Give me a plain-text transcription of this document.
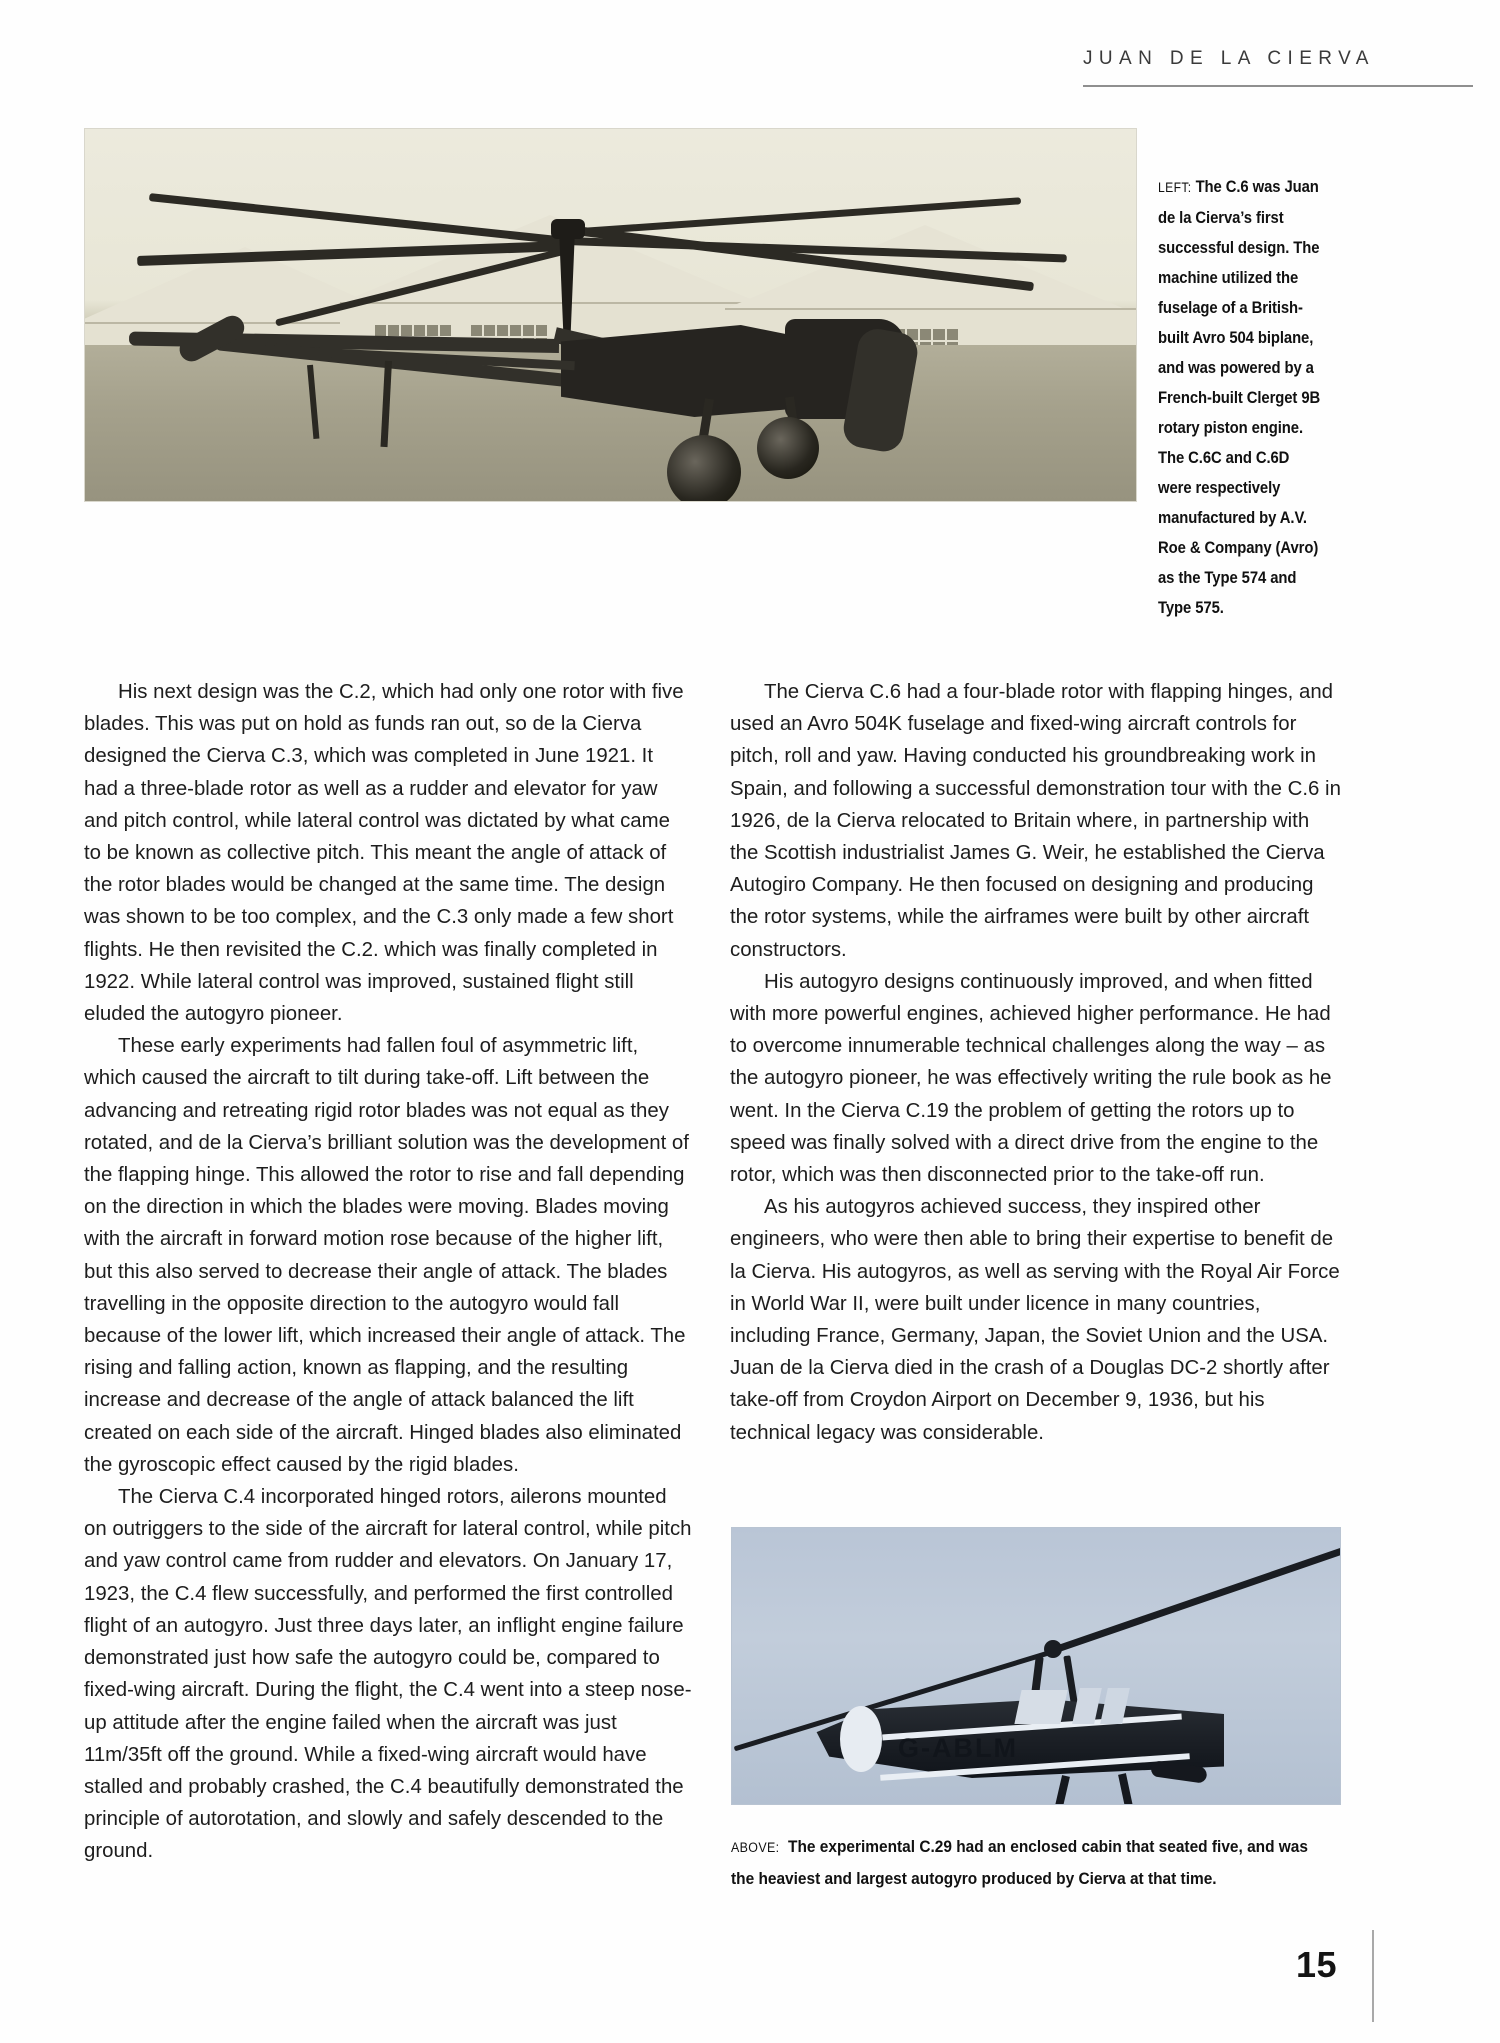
JUAN DE LA CIERVA
LEFT: The C.6 was Juan
de la Cierva’s first
successful design. The
machine utilized the
fuselage of a British-
built Avro 504 biplane,
and was powered by a
French-built Clerget 9B
rotary piston engine.
The C.6C and C.6D
were respectively
manufactured by A.V.
Roe & Company (Avro)
as the Type 574 and
Type 575.

His next design was the C.2, which had only one rotor with five blades. This was put on hold as funds ran out, so de la Cierva designed the Cierva C.3, which was completed in June 1921. It had a three-blade rotor as well as a rudder and elevator for yaw and pitch control, while lateral control was dictated by what came to be known as collective pitch. This meant the angle of attack of the rotor blades would be changed at the same time. The design was shown to be too complex, and the C.3 only made a few short flights. He then revisited the C.2. which was finally completed in 1922. While lateral control was improved, sustained flight still eluded the autogyro pioneer.

These early experiments had fallen foul of asymmetric lift, which caused the aircraft to tilt during take-off. Lift between the advancing and retreating rigid rotor blades was not equal as they rotated, and de la Cierva’s brilliant solution was the development of the flapping hinge. This allowed the rotor to rise and fall depending on the direction in which the blades were moving. Blades moving with the aircraft in forward motion rose because of the higher lift, but this also served to decrease their angle of attack. The blades travelling in the opposite direction to the autogyro would fall because of the lower lift, which increased their angle of attack. The rising and falling action, known as flapping, and the resulting increase and decrease of the angle of attack balanced the lift created on each side of the aircraft. Hinged blades also eliminated the gyroscopic effect caused by the rigid blades.

The Cierva C.4 incorporated hinged rotors, ailerons mounted on outriggers to the side of the aircraft for lateral control, while pitch and yaw control came from rudder and elevators. On January 17, 1923, the C.4 flew successfully, and performed the first controlled flight of an autogyro. Just three days later, an inflight engine failure demonstrated just how safe the autogyro could be, compared to fixed-wing aircraft. During the flight, the C.4 went into a steep nose-up attitude after the engine failed when the aircraft was just 11m/35ft off the ground. While a fixed-wing aircraft would have stalled and probably crashed, the C.4 beautifully demonstrated the principle of autorotation, and slowly and safely descended to the ground.

The Cierva C.6 had a four-blade rotor with flapping hinges, and used an Avro 504K fuselage and fixed-wing aircraft controls for pitch, roll and yaw. Having conducted his groundbreaking work in Spain, and following a successful demonstration tour with the C.6 in 1926, de la Cierva relocated to Britain where, in partnership with the Scottish industrialist James G. Weir, he established the Cierva Autogiro Company. He then focused on designing and producing the rotor systems, while the airframes were built by other aircraft constructors.

His autogyro designs continuously improved, and when fitted with more powerful engines, achieved higher performance. He had to overcome innumerable technical challenges along the way – as the autogyro pioneer, he was effectively writing the rule book as he went. In the Cierva C.19 the problem of getting the rotors up to speed was finally solved with a direct drive from the engine to the rotor, which was then disconnected prior to the take-off run.

As his autogyros achieved success, they inspired other engineers, who were then able to bring their expertise to benefit de la Cierva. His autogyros, as well as serving with the Royal Air Force in World War II, were built under licence in many countries, including France, Germany, Japan, the Soviet Union and the USA. Juan de la Cierva died in the crash of a Douglas DC-2 shortly after take-off from Croydon Airport on December 9, 1936, but his technical legacy was considerable.

G-ABLM
ABOVE: The experimental C.29 had an enclosed cabin that seated five, and was
the heaviest and largest autogyro produced by Cierva at that time.
15
